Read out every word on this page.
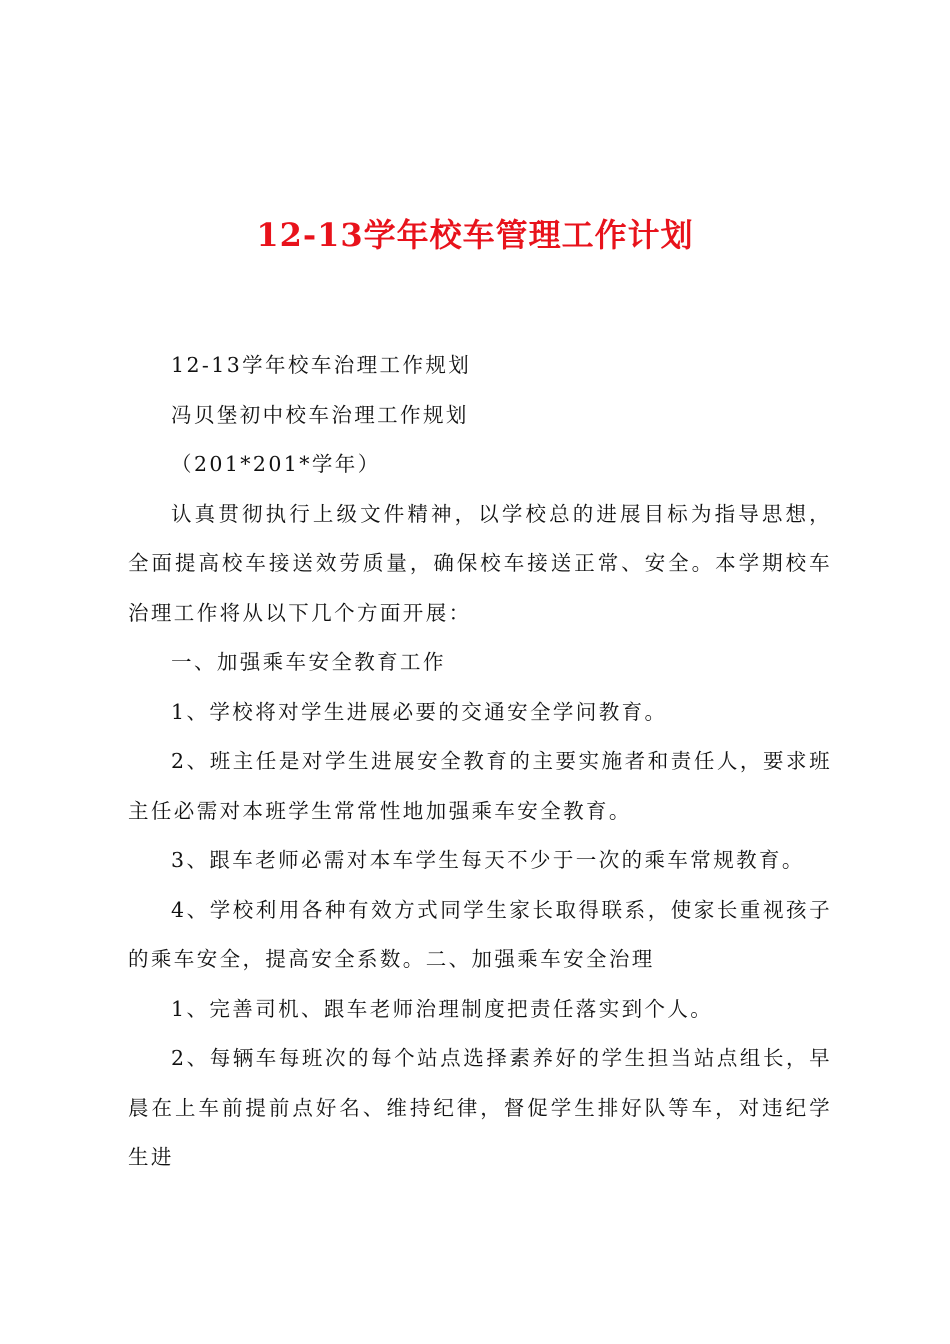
12-13学年校车管理工作计划

12-13学年校车治理工作规划

冯贝堡初中校车治理工作规划

（201*201*学年）

认真贯彻执行上级文件精神，以学校总的进展目标为指导思想，全面提高校车接送效劳质量，确保校车接送正常、安全。本学期校车治理工作将从以下几个方面开展：

一、加强乘车安全教育工作

1、学校将对学生进展必要的交通安全学问教育。

2、班主任是对学生进展安全教育的主要实施者和责任人，要求班主任必需对本班学生常常性地加强乘车安全教育。

3、跟车老师必需对本车学生每天不少于一次的乘车常规教育。

4、学校利用各种有效方式同学生家长取得联系，使家长重视孩子的乘车安全，提高安全系数。二、加强乘车安全治理

1、完善司机、跟车老师治理制度把责任落实到个人。

2、每辆车每班次的每个站点选择素养好的学生担当站点组长，早晨在上车前提前点好名、维持纪律，督促学生排好队等车，对违纪学生进
